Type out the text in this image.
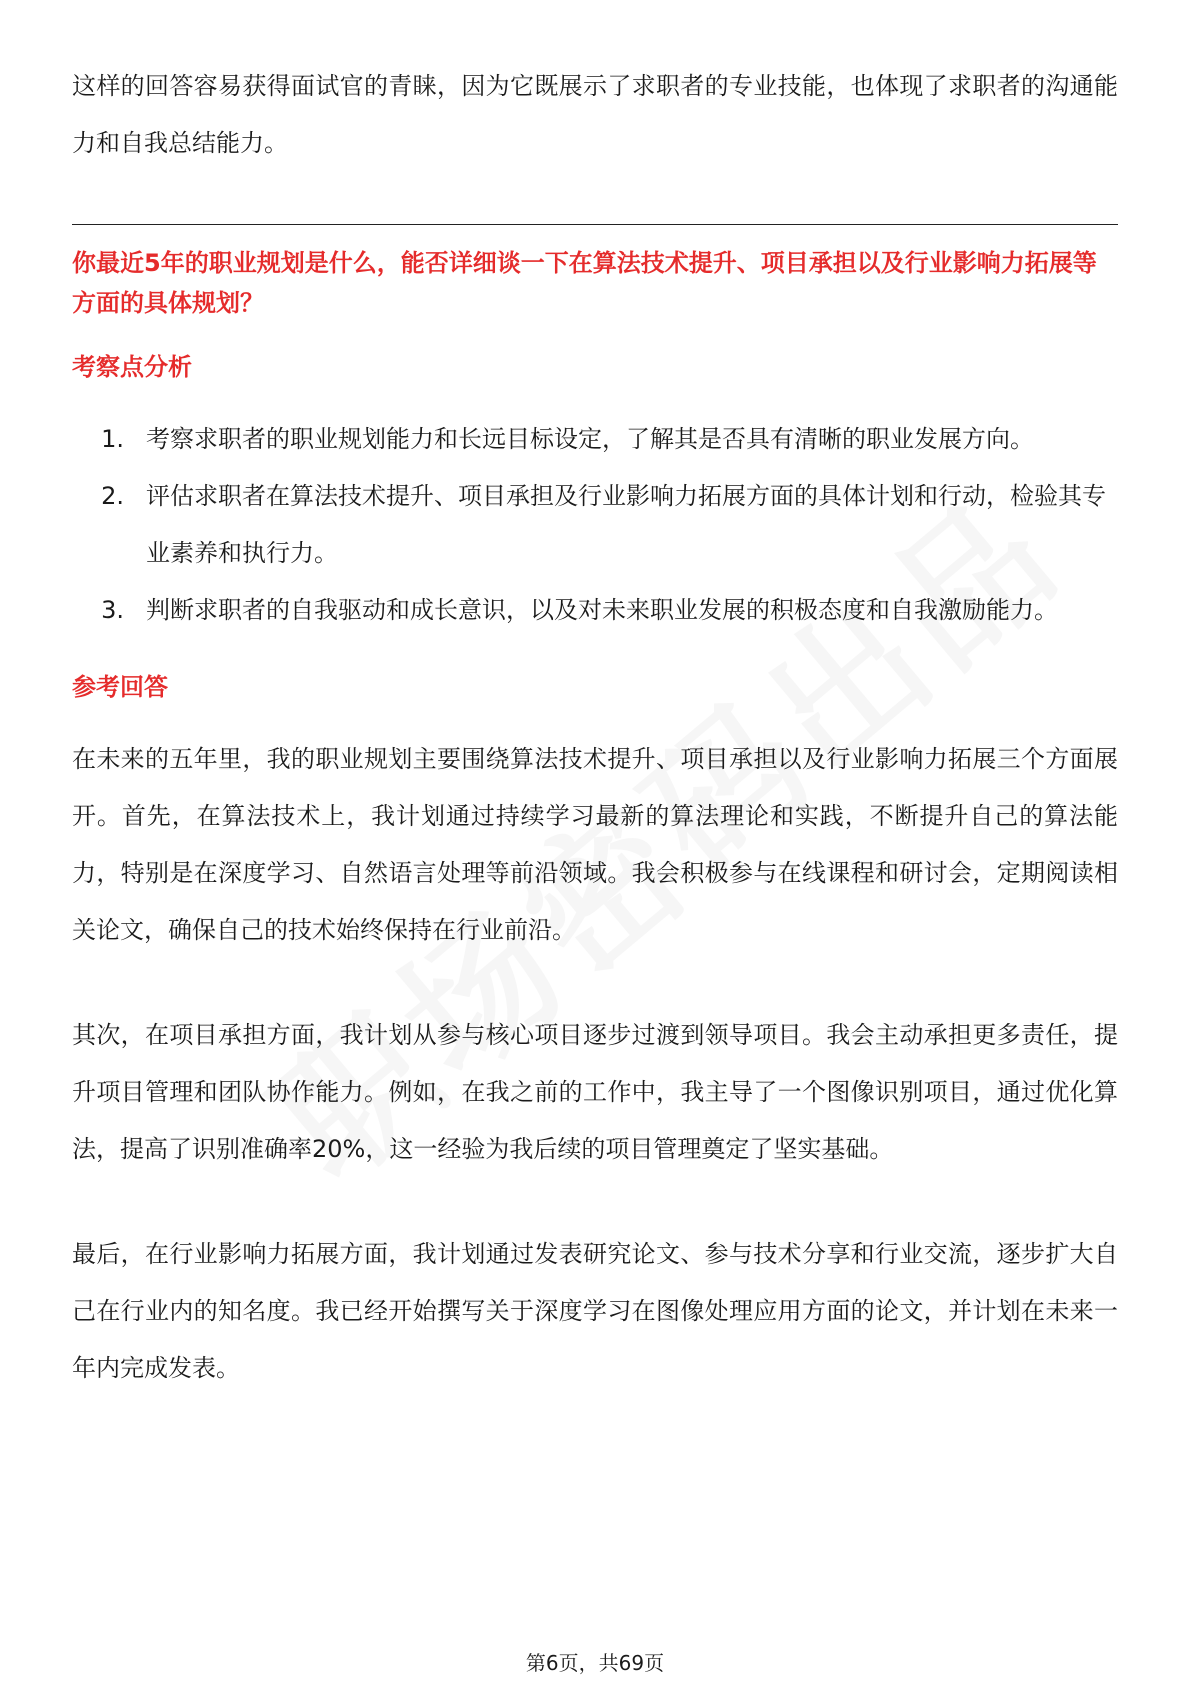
这样的回答容易获得面试官的青睐，因为它既展示了求职者的专业技能，也体现了求职者的沟通能力和自我总结能力。

你最近5年的职业规划是什么，能否详细谈一下在算法技术提升、项目承担以及行业影响力拓展等方面的具体规划？

考察点分析
1. 考察求职者的职业规划能力和长远目标设定，了解其是否具有清晰的职业发展方向。
2. 评估求职者在算法技术提升、项目承担及行业影响力拓展方面的具体计划和行动，检验其专业素养和执行力。
3. 判断求职者的自我驱动和成长意识，以及对未来职业发展的积极态度和自我激励能力。
参考回答

在未来的五年里，我的职业规划主要围绕算法技术提升、项目承担以及行业影响力拓展三个方面展开。首先，在算法技术上，我计划通过持续学习最新的算法理论和实践，不断提升自己的算法能力，特别是在深度学习、自然语言处理等前沿领域。我会积极参与在线课程和研讨会，定期阅读相关论文，确保自己的技术始终保持在行业前沿。

其次，在项目承担方面，我计划从参与核心项目逐步过渡到领导项目。我会主动承担更多责任，提升项目管理和团队协作能力。例如，在我之前的工作中，我主导了一个图像识别项目，通过优化算法，提高了识别准确率20%，这一经验为我后续的项目管理奠定了坚实基础。

最后，在行业影响力拓展方面，我计划通过发表研究论文、参与技术分享和行业交流，逐步扩大自己在行业内的知名度。我已经开始撰写关于深度学习在图像处理应用方面的论文，并计划在未来一年内完成发表。

第6页，共69页
